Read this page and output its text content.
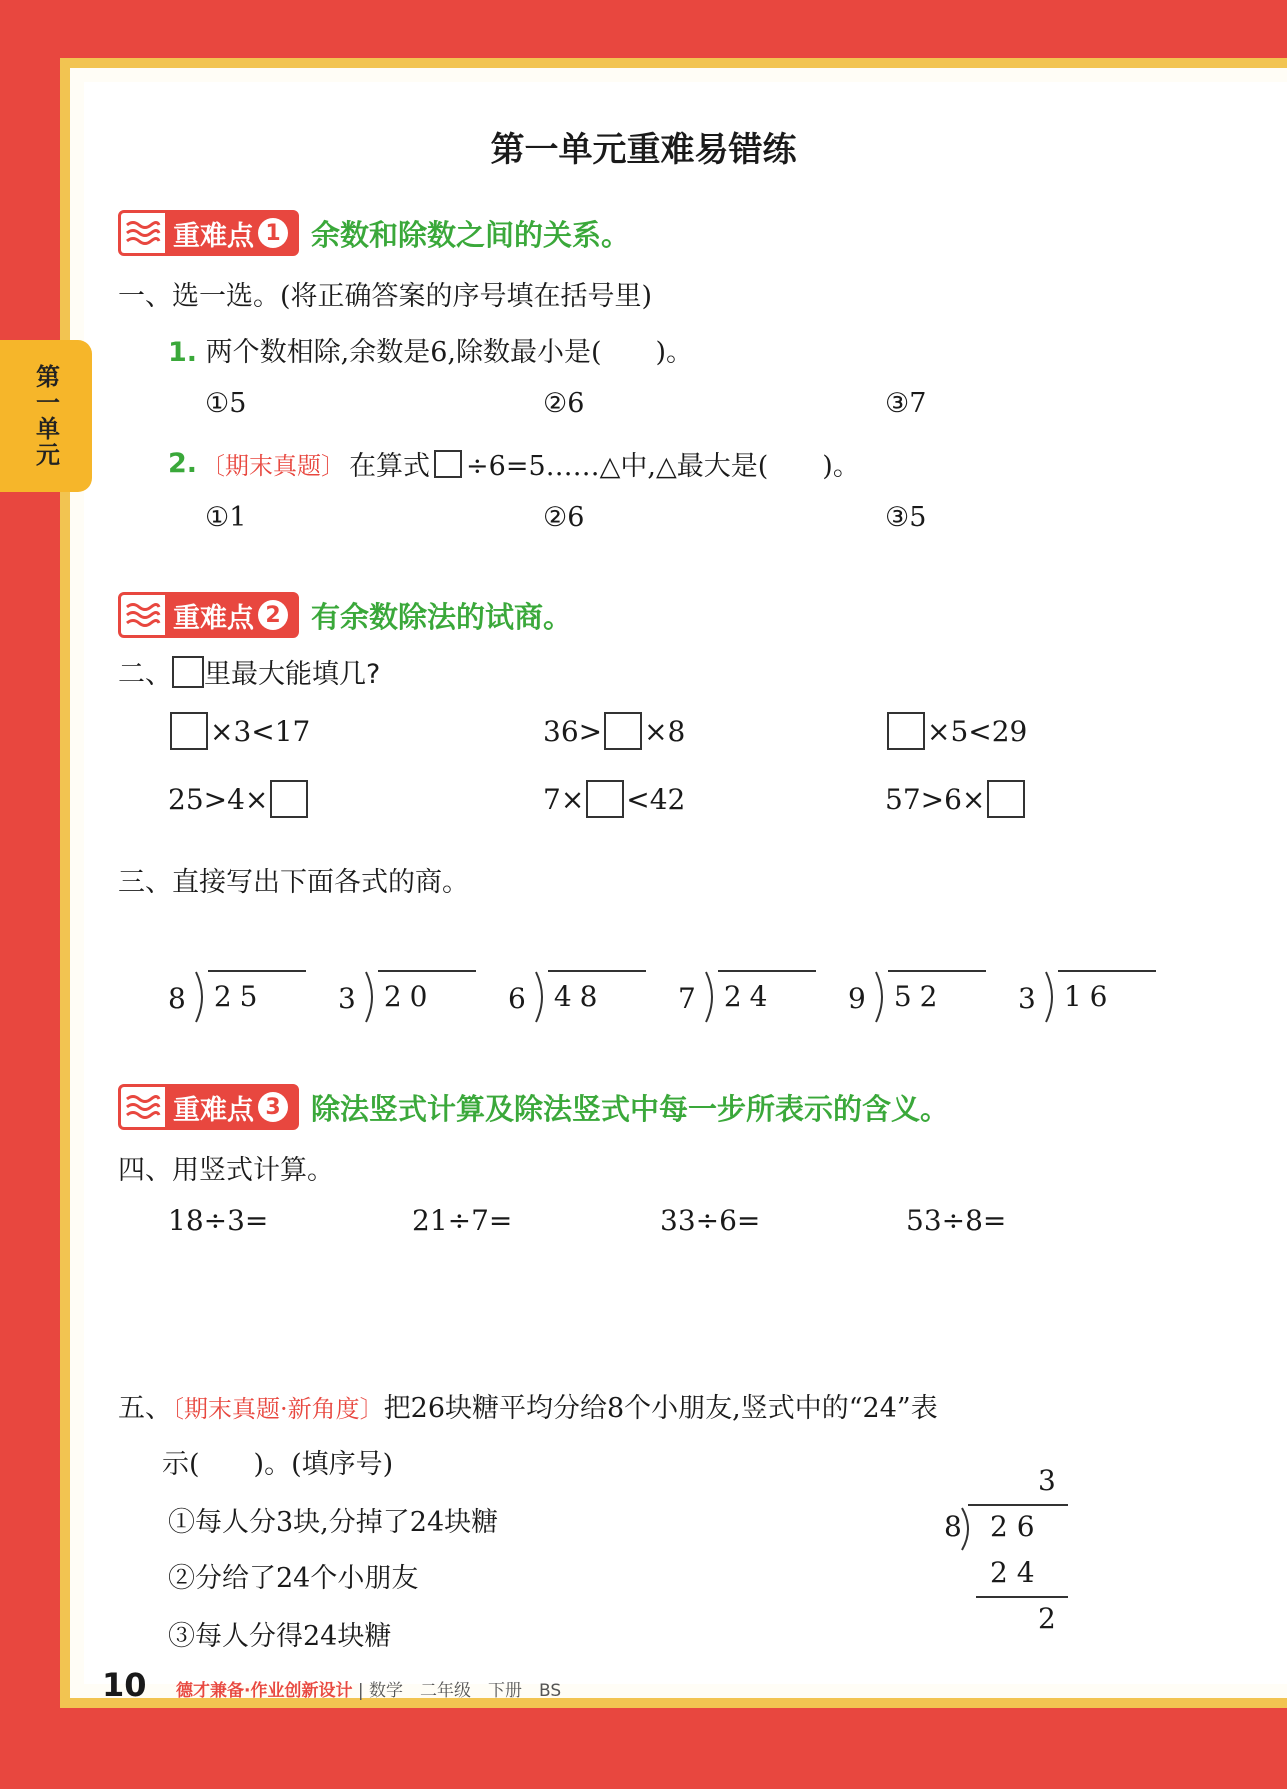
第一单元
第一单元重难易错练
重难点 1 余数和除数之间的关系。
一、选一选。(将正确答案的序号填在括号里)
1. 两个数相除,余数是6,除数最小是(　　)。
①5	②6	③7
2. 〔期末真题〕 在算式 ÷6=5……△中,△最大是(　　)。
①1	②6	③5
重难点 2 有余数除法的试商。
二、 里最大能填几?
×3<17	36> ×8	×5<29
25>4×	7× <42	57>6×
三、直接写出下面各式的商。
8 25	3 20	6 48	7 24	9 52	3 16
重难点 3 除法竖式计算及除法竖式中每一步所表示的含义。
四、用竖式计算。
18÷3=	21÷7=	33÷6=	53÷8=
五、〔期末真题·新角度〕把26块糖平均分给8个小朋友,竖式中的“24”表
示(　　)。(填序号)
①每人分3块,分掉了24块糖
②分给了24个小朋友
③每人分得24块糖
3
8 2 6
2 4
2
10 德才兼备·作业创新设计 | 数学　二年级　下册　BS
